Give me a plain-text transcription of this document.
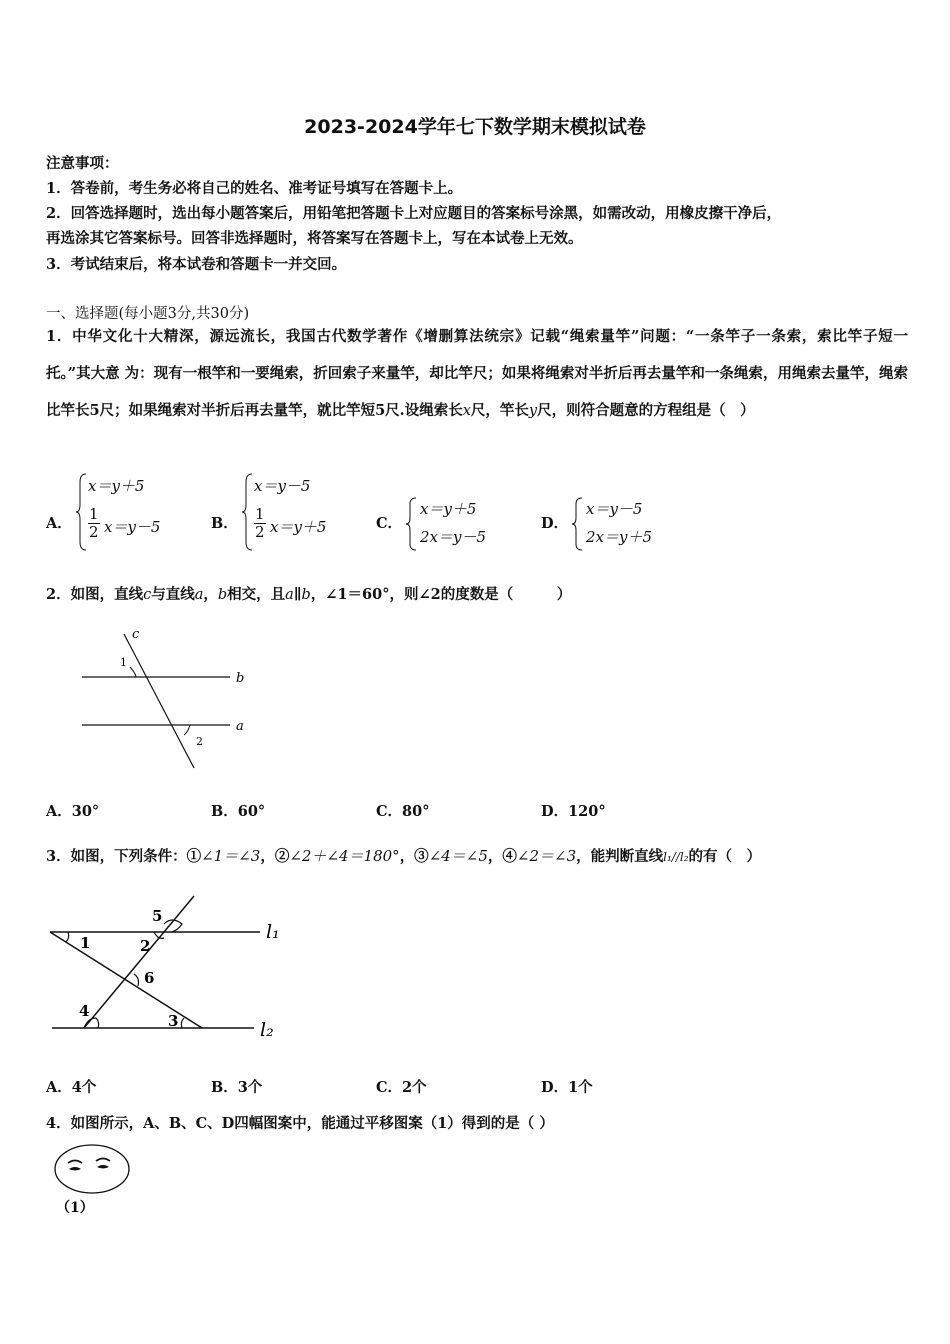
2023-2024学年七下数学期末模拟试卷
注意事项：
1．答卷前，考生务必将自己的姓名、准考证号填写在答题卡上。
2．回答选择题时，选出每小题答案后，用铅笔把答题卡上对应题目的答案标号涂黑，如需改动，用橡皮擦干净后，
再选涂其它答案标号。回答非选择题时，将答案写在答题卡上，写在本试卷上无效。
3．考试结束后，将本试卷和答题卡一并交回。
一、选择题(每小题3分,共30分)
1．中华文化十大精深，源远流长，我国古代数学著作《增删算法统宗》记载“绳索量竿”问题：“一条竿子一条索，索比竿子短一托。”其大意 为：现有一根竿和一要绳索，折回索子来量竿，却比竿尺；如果将绳索对半折后再去量竿和一条绳索，用绳索去量竿，绳索比竿长5尺；如果绳索对半折后再去量竿，就比竿短5尺.设绳索长x尺，竿长y尺，则符合题意的方程组是（　）
A．
x＝y＋5
$\frac{1}{2} x=y-5$	B．
x＝y－5
$\frac{1}{2} x=y+5$	C．
x＝y＋5
2x＝y－5
D．
x＝y－5
2x＝y＋5
2．如图，直线c与直线a，b相交，且a∥b，∠1＝60°，则∠2的度数是（　　　）
c
b
a
1
2
A．30°	B．60°	C．80°	D．120°
3．如图，下列条件：①∠1＝∠3，②∠2＋∠4＝180°，③∠4＝∠5，④∠2＝∠3，能判断直线l₁//l₂的有（　）
1	2
5
6
4
3
l₁
l₂
A．4个	B．3个	C．2个	D．1个
4．如图所示，A、B、C、D四幅图案中，能通过平移图案（1）得到的是（ ）
（1）
